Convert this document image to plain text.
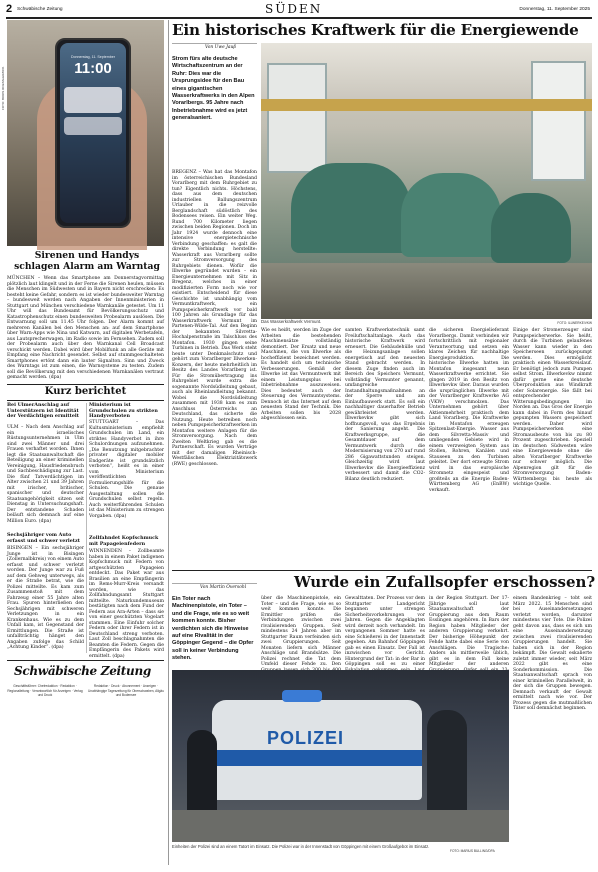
2 Schwäbische Zeitung	SÜDEN	Donnerstag, 11. September 2025
Donnerstag, 11. September
11:00
FOTO: BORIS ROESSLER/DPA
Sirenen und Handys schlagen Alarm am Warntag
MÜNCHEN – Wenn das Smartphone am Donnerstagvormittag plötzlich laut klingelt und in der Ferne die Sirenen heulen, müssen die Menschen im Südwesten und in Bayern nicht erschrecken: Es besteht keine Gefahr, sondern es ist wieder bundesweiter Warntag – bundesweit werden nach Angaben der Innenministerien in Stuttgart und München verschiedene Warnkanäle getestet. Um 11 Uhr will das Bundesamt für Bevölkerungsschutz und Katastrophenschutz einen bundesweiten Probealarm auslösen. Die Entwarnung soll um 11.45 Uhr folgen. Der Alarm kommt auf mehreren Kanälen bei den Menschen an: auf dem Smartphone über Warn-Apps wie Nina und Katwarn, auf digitalen Werbetafeln, aus Lautsprecherwagen, im Radio sowie im Fernsehen. Zudem soll der Probealarm auch über den Warnkanal Cell Broadcast verschickt werden. Dabei wird über Mobilfunk an alle Geräte mit Empfang eine Nachricht gesendet. Selbst auf stummgeschalteten Smartphones ertönt dann ein lauter Signalton. Sinn und Zweck des Warntags ist zum einen, die Warnsysteme zu testen. Zudem soll die Bevölkerung mit den verschiedenen Warnkanälen vertraut gemacht werden. (dpa)
Kurz berichtet
Bei UlmerAnschlag auf Unterstützern ist Identität der Verdächtigen ermittelt
ULM – Nach dem Anschlag auf ein israelisches Rüstungsunternehmen in Ulm sind zwei Männer und drei Frauen verhaftet worden. Ihnen legt die Staatsanwaltschaft die Beteiligung an einer kriminellen Vereinigung, Hausfriedensbruch und Sachbeschädigung zur Last. Die fünf Tatverdächtigen im Alter zwischen 21 und 39 Jahren mit irischer, britischer, spanischer und deutscher Staatsangehörigkeit sitzen seit Dienstag in Untersuchungshaft. Der entstandene Schaden beläuft sich demnach auf eine Million Euro. (dpa)
Sechsjähriger vom Auto erfasst und schwer verletzt
BISINGEN – Ein sechsjähriger Junge ist in Bisingen (Zollernalbkreis) von einem Auto erfasst und schwer verletzt worden. Der Junge war zu Fuß auf dem Gehweg unterwegs, als er die Straße betrat, wie die Polizei mitteilte. Es kam zum Zusammenstoß mit dem Fahrzeug einer 55 Jahre alten Frau. Spuren hinterließen den Sechsjährigen mit schweren Verletzungen in ein Krankenhaus. Wie es zu dem Unfall kam, ist Gegenstand der Ermittlungen. Die Straße ist unfallträchtig hänget den Angaben zufolge das Schild „Achtung Kinder“. (dpa)
Ministerium ist Grundschulen zu strikten Handyverboten
STUTTGART – Das Kultusministerium empfiehlt Grundschulen im Land, ein striktes Handyverbot in ihre Schulordnungen aufzunehmen. „Die Benutzung mitgebrachter privater digitaler mobiler Endgeräte ist grundsätzlich verboten“, heißt es in einer vom Ministerium veröffentlichten Formulierungshilfe für die Schulen. Die genaue Ausgestaltung sollen die Grundschulen selbst regeln. Auch weiterführenden Schulen ist das Ministerium zu strengen Vorgaben. (dpa)
Zollfahndet Kopfschmuck mit Papageienfedern
WINNENDEN – Zollbeamte haben in einem Paket indigenen Kopfschmuck mit Federn von artgeschützten Papageien entdeckt. Das Paket war aus Brasilien an eine Empfängerin im Rems-Murr-Kreis versandt worden, wie das Zollfahndungsamt Stuttgart mitteilte. Naturkundemuseum bestätigten nach dem Fund der Federn aus Ara-Arten – dass sie von einer geschützten Vogelart stammen. Eine Einfuhr solcher Federn oder ihrer Federn ist in Deutschland streng verboten. Laut Zoll beschlagnahmten die Beamten die Federn. Gegen die Empfängerin des Pakets wird ermittelt. (dpa)
Schwäbische Zeitung
Geschäftsführer: Chefredaktion · Redaktion · Regionalleitung · Verantwortlich für Anzeigen · Verlag und Druck
Redaktion · Druck · Abonnement · Anzeigen · Unabhängige Tageszeitung für Oberschwaben, Allgäu und Bodensee
Ein historisches Kraftwerk für die Energiewende
Von Uwe Jauß
Strom fürs alte deutsche Wirtschaftszentrum an der Ruhr: Dies war die Ursprungsidee für den Bau eines gigantischen Wasserkraftwerks in den Alpen Vorarlbergs. 95 Jahre nach Inbetriebnahme wird es jetzt generalsaniert.
BREGENZ – Was hat das Montafon im österreichischen Bundesland Vorarlberg mit dem Ruhrgebiet zu tun? Eigentlich nichts. Höchstens, dass aus dem deutschen industriellen Ballungszentrum Urlauber in die reizvolle Berglandschaft südöstlich des Bodensees reisen. Ein weiter Weg. Rund 700 Kilometer liegen zwischen beiden Regionen. Doch im Jahr 1924 wurde dennoch eine intensive energietechnische Verbindung geschaffen: es galt die direkte Verbindung herstellte: Wasserkraft aus Vorarlberg sollte zur Stromversorgung des Ruhrgebiets dienen. Wofür die Illwerke gegründet wurden – ein Energieunternehmen mit Sitz in Bregenz, welches in einer modifizierten Form noch wie vor existiert. Entscheidend für diese Geschichte ist unabhängig vom Vermuntkraftwerk, ein Pumpspeicherkraftwerk vor bald 100 Jahren als Grundlage für das Wasserkraftwerk Vermunt im Partenen-Wilde-Tal. Auf den Beginn der bekannten Silvretta-Hochalpenstraße im Talschluss des Montafon. 1930 gingen seine Turbinen in Betrieb. Das Werk steht heute unter Denkmalschutz und gehört zum Vorarlberger Illwerken-Konzern, der heute mehrheitlich im Besitz des Landes Vorarlberg ist. Für die Stromübertragung ins Ruhrgebiet wurde extra die sogenannte Nordsüdleitung gebaut, auch als Rheinlandleitung bekannt. Wobei die Nordsüdleitung zusammen mit 1938 kam es zum Anschluss Österreichs an Deutschland, das sicherte die Nutzung. Heute betreiben noch neben Pumpspeicherkraftwerken im Montafon weitere Anlagen für die Stromversorgung. Nach dem Zweiten Weltkrieg gab es die Partnerschaft. Es wurden Verträge mit der damaligen Rheinisch-Westfälischen Elektrizitätswerk (RWE) geschlossen.
Das Wasserkraftwerk Vermunt.	FOTO: ILLWERKE/VKW
Wie es heißt, werden im Zuge der Arbeiten die bestehenden Maschinensätze vollständig demontiert. Der Ersatz und neue Maschinen, die von Illwerke als hocheffizient bezeichnet werden. Es handelt sich um technische Verbesserungen. Gemäß der Illwerke ist das Vermuntwerk mit einem Leistungsplus bei Inbetriebnahme auszuweisen. Dies bedeutet auch der Steuerung des Vermuntsystems. Dennoch ist das Internet auf dem neuesten Stand der Technik. Die Arbeiten sollen bis 2028 abgeschlossen sein.
samten Kraftwerkstechnik samt Freiluftschaltanlage. Auch das historische Kraftwerk wird erneuert. Die Gebäudehülle und die Heizungsanlage sollen energetisch auf den neuesten Stand gebracht werden. In diesem Zuge finden auch im Bereich des Speichers Vermunt, vollständig Vermunter genannt, umfangreiche Instandhaltungsmaßnahmen an der Sperre und am Einlaufbauwerk statt. Es soll ein nachhaltiger dauerhafter Betrieb gewährleistet werden. Illwerkevkw gibt sich hoffnungsvoll, was das Ergebnis der Sanierung angeht. Die Kraftwerksgruppe, die Gesamtdauer auf dem Vermuntwerk durch die Modernisierung von 270 auf rund 286 Gigawattstunden steigen. Gleichzeitig wird laut Illwerkevkw die Energieeffizienz verbessert und damit die CO2-Bilanz deutlich reduziert.
die sicheren Energielieferant Vorarlbergs. Damit verbinden wir fortschrittlich mit regionaler Verantwortung und setzen ein klares Zeichen für nachhaltige Energieproduktion. Die historische Illwerke hatten im Montafon insgesamt neun Wasserkraftwerke errichtet. Sie gingen 2019 in den Besitz von Illwerkevkw über. Daraus wurden die ursprünglichen Illwerke mit der Vorarlberger Kraftwerke AG (VKW) verschmolzen. Das Unternehmen gehört über Aktienmehrheit praktisch dem Land Vorarlberg. Die Kraftwerke im Montafon erzeugen Spitzenlast-Energie. Wasser aus dem Silvretta-Massiv und umliegenden Gebiete wird in einem verzweigten System aus Stollen, Rohren, Kanälen und Stauseen zu den Turbinen geleitet. Der dort erzeugte Strom wird in das europäische Stromnetz eingespeist und großteils an die Energie Baden-Württemberg AG (EnBW) verkauft.
Einige der Stromerzeuger sind Pumpspeicherwerke. Sie heißt, durch die Turbinen gelaufenes Wasser kann wieder in den Speicherseen zurückgepumpt werden. Dies ermöglicht praktisch einen Wasserkreislauf. Er benötigt jedoch zum Pumpen selbst Strom. Illwerkevkw nimmt dafür gerne eine deutsche Überproduktion aus Windkraft oder Solarenergie. Sie fällt bei entsprechender Witterungsbedingungen im Norden an. Das Gros der Energie kann dabei in Form des hinauf gepumpten Wassers gespeichert werden. Daher wird Pumpspeicherwerken eine Stromausbeute von bis zu 80 Prozent zugeschrieben. Speziell im deutschen Südwesten wäre eine Energiewende ohne die alten Vorarlberger Kraftwerke nur schwer möglich. Die Alpenregion gilt für die Stromversorgung Baden-Württembergs bis heute als wichtige Quelle.
Wurde ein Zufallsopfer erschossen?
Von Martin Oversohl
Ein Toter nach Machinenpistole, ein Toter – und die Frage, wie es so weit kommen konnte. Bisher verdichten sich die Hinweise auf eine Rivalität in der Göppinger Gegend – die Opfer soll in keiner Verbindung stehen.
über die Maschinenpistole, ein Toter – und die Frage, wie es so weit kommen konnte. Die Ermittler prüfen die Verbindungen zwischen zwei rivalisierenden Gruppen. Seit mindestens 24 Jahren aber im Stuttgarter Raum verfeinden sich zwei Gruppierungen. Seit Monaten liefern sich Männer Anschläge und Brandsätze. Die Polizei rechnet die Tat dem Umfeld dieser Fehde zu. Den
Gewalttaten. Der Prozess vor dem Stuttgarter Landgericht begannen unter strengen Sicherheitsvorkehrungen vor Jahren. Gegen die Angeklagten wird derzeit noch verhandelt. Im vergangenen Sommer hatte es eine Schießerei in der Innenstadt gegeben. Am Bahnhof Göppingen gab es einen Einsatz. Der Fall ist inzwischen vor Gericht. Hintergrund der Tat: in der Bar in Göppingen soll es zu einer
in der Region Stuttgart. Der 17-Jährige soll laut Staatsanwaltschaft der Gruppierung aus dem Raum Esslingen angehören. In Bars der Region haben Mitglieder der anderen Gruppierung verkehrt. Der bisherige Höhepunkt der Fehde hatte dabei eine Serie von Anschlägen. Die Tragische: Anders als mittlerweile üblich, gibt es in dem Fall keine Mitglieder der anderen
einem Bandenkrieg – tobt seit März 2022. 15 Menschen sind bei Auseinandersetzungen verletzt worden, darunter mindestens vier Tote. Die Polizei geht davon aus, dass es sich um eine Auseinandersetzung zwischen zwei rivalisierenden Gruppierungen handelt. Sie haben sich in der Region bekämpft. Die Gewalt eskalierte zuletzt immer wieder, seit März 2022 gibt es eine Sonderkommission. Die Staatsanwaltschaft sprach von einer kriminellen Parallelwelt, in der sich die Gruppen bewegen. Demnach verkauft der Gewalt ermittelt nach wie vor. Der Prozess gegen die mutmaßlichen Täter soll demnächst beginnen.
POLIZEI
Einheiten der Polizei sind an einem Tatort im Einsatz. Die Polizei war in der Innenstadt von Göppingen mit einem Großaufgebot im Einsatz.
FOTO: MARIUS BULLING/DPA
